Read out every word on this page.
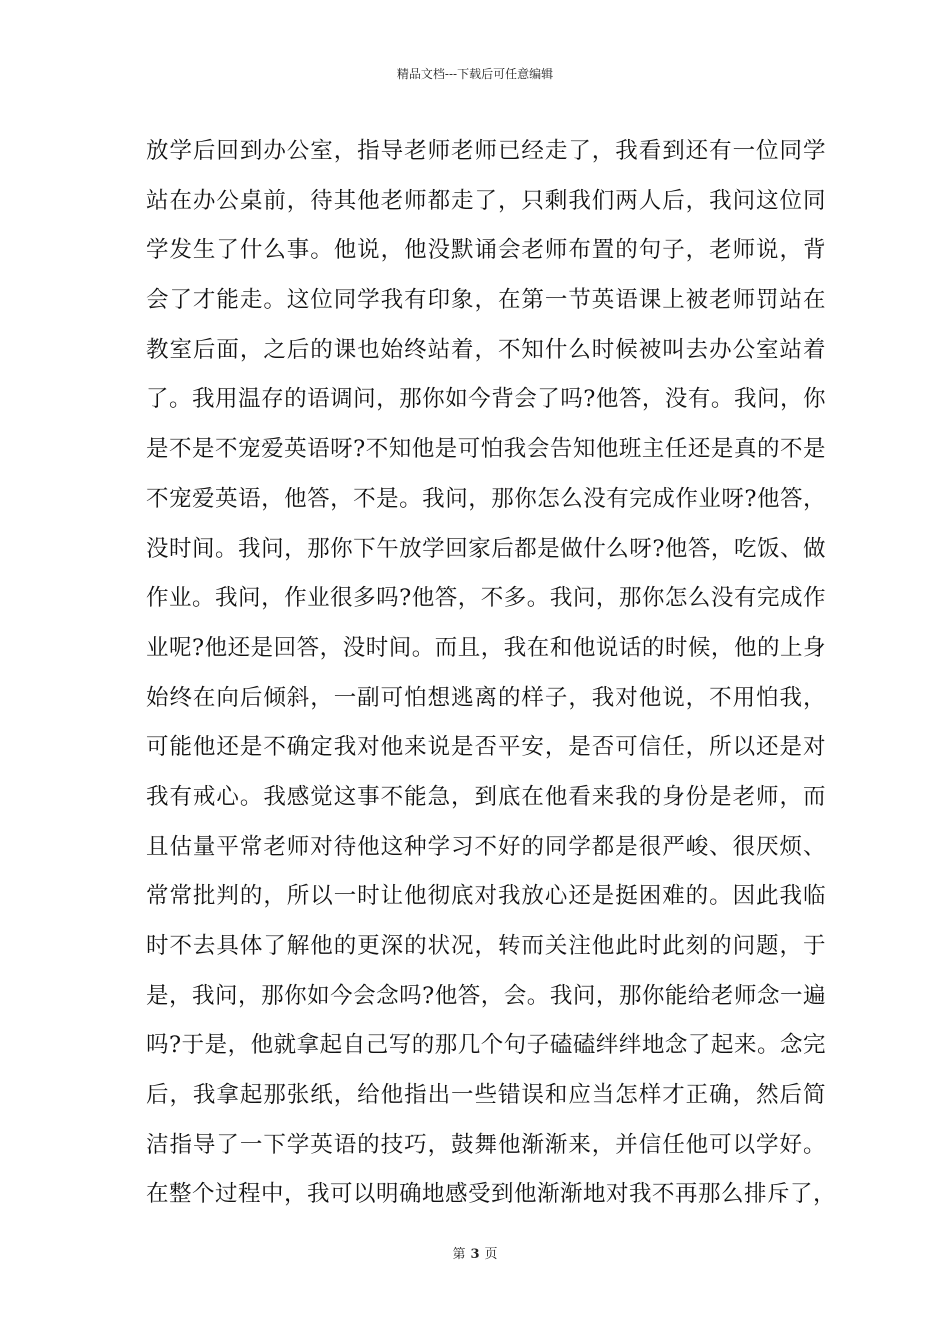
精品文档---下载后可任意编辑
放学后回到办公室，指导老师老师已经走了，我看到还有一位同学
站在办公桌前，待其他老师都走了，只剩我们两人后，我问这位同
学发生了什么事。他说，他没默诵会老师布置的句子，老师说，背
会了才能走。这位同学我有印象，在第一节英语课上被老师罚站在
教室后面，之后的课也始终站着，不知什么时候被叫去办公室站着
了。我用温存的语调问，那你如今背会了吗?他答，没有。我问，你
是不是不宠爱英语呀?不知他是可怕我会告知他班主任还是真的不是
不宠爱英语，他答，不是。我问，那你怎么没有完成作业呀?他答，
没时间。我问，那你下午放学回家后都是做什么呀?他答，吃饭、做
作业。我问，作业很多吗?他答，不多。我问，那你怎么没有完成作
业呢?他还是回答，没时间。而且，我在和他说话的时候，他的上身
始终在向后倾斜，一副可怕想逃离的样子，我对他说，不用怕我，
可能他还是不确定我对他来说是否平安，是否可信任，所以还是对
我有戒心。我感觉这事不能急，到底在他看来我的身份是老师，而
且估量平常老师对待他这种学习不好的同学都是很严峻、很厌烦、
常常批判的，所以一时让他彻底对我放心还是挺困难的。因此我临
时不去具体了解他的更深的状况，转而关注他此时此刻的问题，于
是，我问，那你如今会念吗?他答，会。我问，那你能给老师念一遍
吗?于是，他就拿起自己写的那几个句子磕磕绊绊地念了起来。念完
后，我拿起那张纸，给他指出一些错误和应当怎样才正确，然后简
洁指导了一下学英语的技巧，鼓舞他渐渐来，并信任他可以学好。
在整个过程中，我可以明确地感受到他渐渐地对我不再那么排斥了，
第 3 页
